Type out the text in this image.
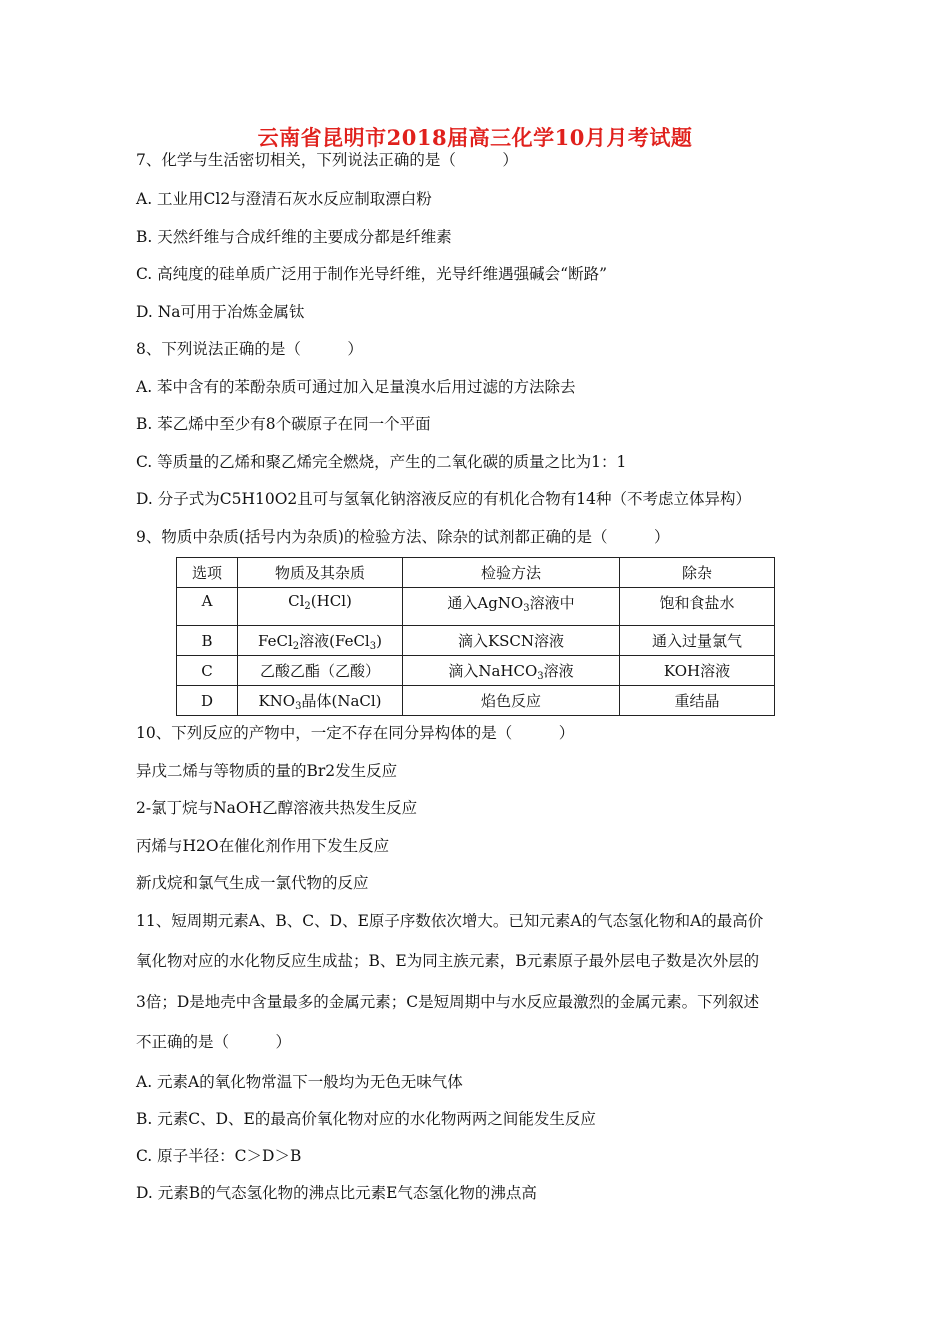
云南省昆明市2018届高三化学10月月考试题
7、化学与生活密切相关，下列说法正确的是（　　　）
A. 工业用Cl2与澄清石灰水反应制取漂白粉
B. 天然纤维与合成纤维的主要成分都是纤维素
C. 高纯度的硅单质广泛用于制作光导纤维，光导纤维遇强碱会“断路”
D. Na可用于冶炼金属钛
8、下列说法正确的是（　　　）
A. 苯中含有的苯酚杂质可通过加入足量溴水后用过滤的方法除去
B. 苯乙烯中至少有8个碳原子在同一个平面
C. 等质量的乙烯和聚乙烯完全燃烧，产生的二氧化碳的质量之比为1：1
D. 分子式为C5H10O2且可与氢氧化钠溶液反应的有机化合物有14种（不考虑立体异构）
9、物质中杂质(括号内为杂质)的检验方法、除杂的试剂都正确的是（　　　）
选项	物质及其杂质	检验方法	除杂
A	$Cl_2(HCl)$	通入AgNO$_3$溶液中	饱和食盐水
B	FeCl$_2$溶液(FeCl$_3$)	滴入KSCN溶液	通入过量氯气
C	乙酸乙酯（乙酸）	滴入NaHCO$_3$溶液	KOH溶液
D	$KNO_3$晶体(NaCl)	焰色反应	重结晶
10、下列反应的产物中，一定不存在同分异构体的是（　　　）
异戊二烯与等物质的量的Br2发生反应
2-氯丁烷与NaOH乙醇溶液共热发生反应
丙烯与H2O在催化剂作用下发生反应
新戊烷和氯气生成一氯代物的反应
11、短周期元素A、B、C、D、E原子序数依次增大。已知元素A的气态氢化物和A的最高价
氧化物对应的水化物反应生成盐；B、E为同主族元素，B元素原子最外层电子数是次外层的
3倍；D是地壳中含量最多的金属元素；C是短周期中与水反应最激烈的金属元素。下列叙述
不正确的是（　　　）
A. 元素A的氧化物常温下一般均为无色无味气体
B. 元素C、D、E的最高价氧化物对应的水化物两两之间能发生反应
C. 原子半径：C＞D＞B
D. 元素B的气态氢化物的沸点比元素E气态氢化物的沸点高
